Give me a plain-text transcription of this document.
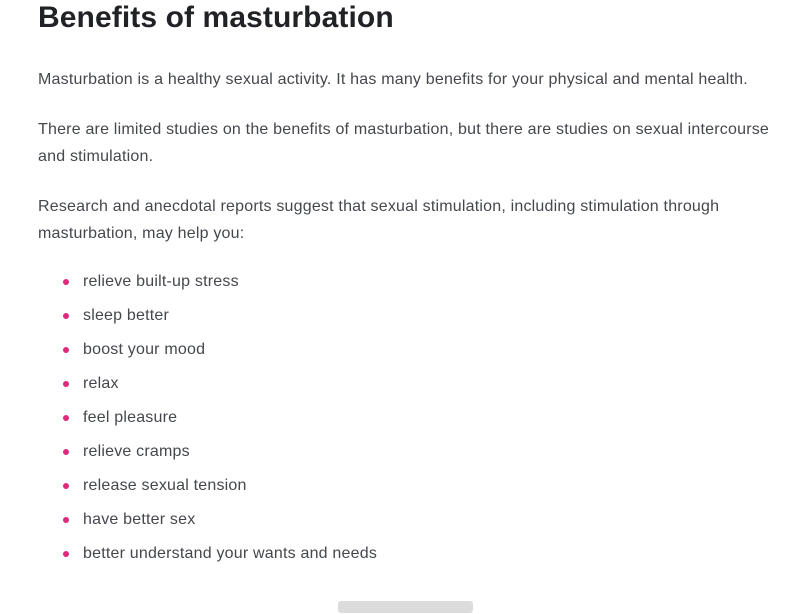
Benefits of masturbation

Masturbation is a healthy sexual activity. It has many benefits for your physical and mental health.

There are limited studies on the benefits of masturbation, but there are studies on sexual intercourse and stimulation.

Research and anecdotal reports suggest that sexual stimulation, including stimulation through masturbation, may help you:

relieve built-up stress
sleep better
boost your mood
relax
feel pleasure
relieve cramps
release sexual tension
have better sex
better understand your wants and needs
